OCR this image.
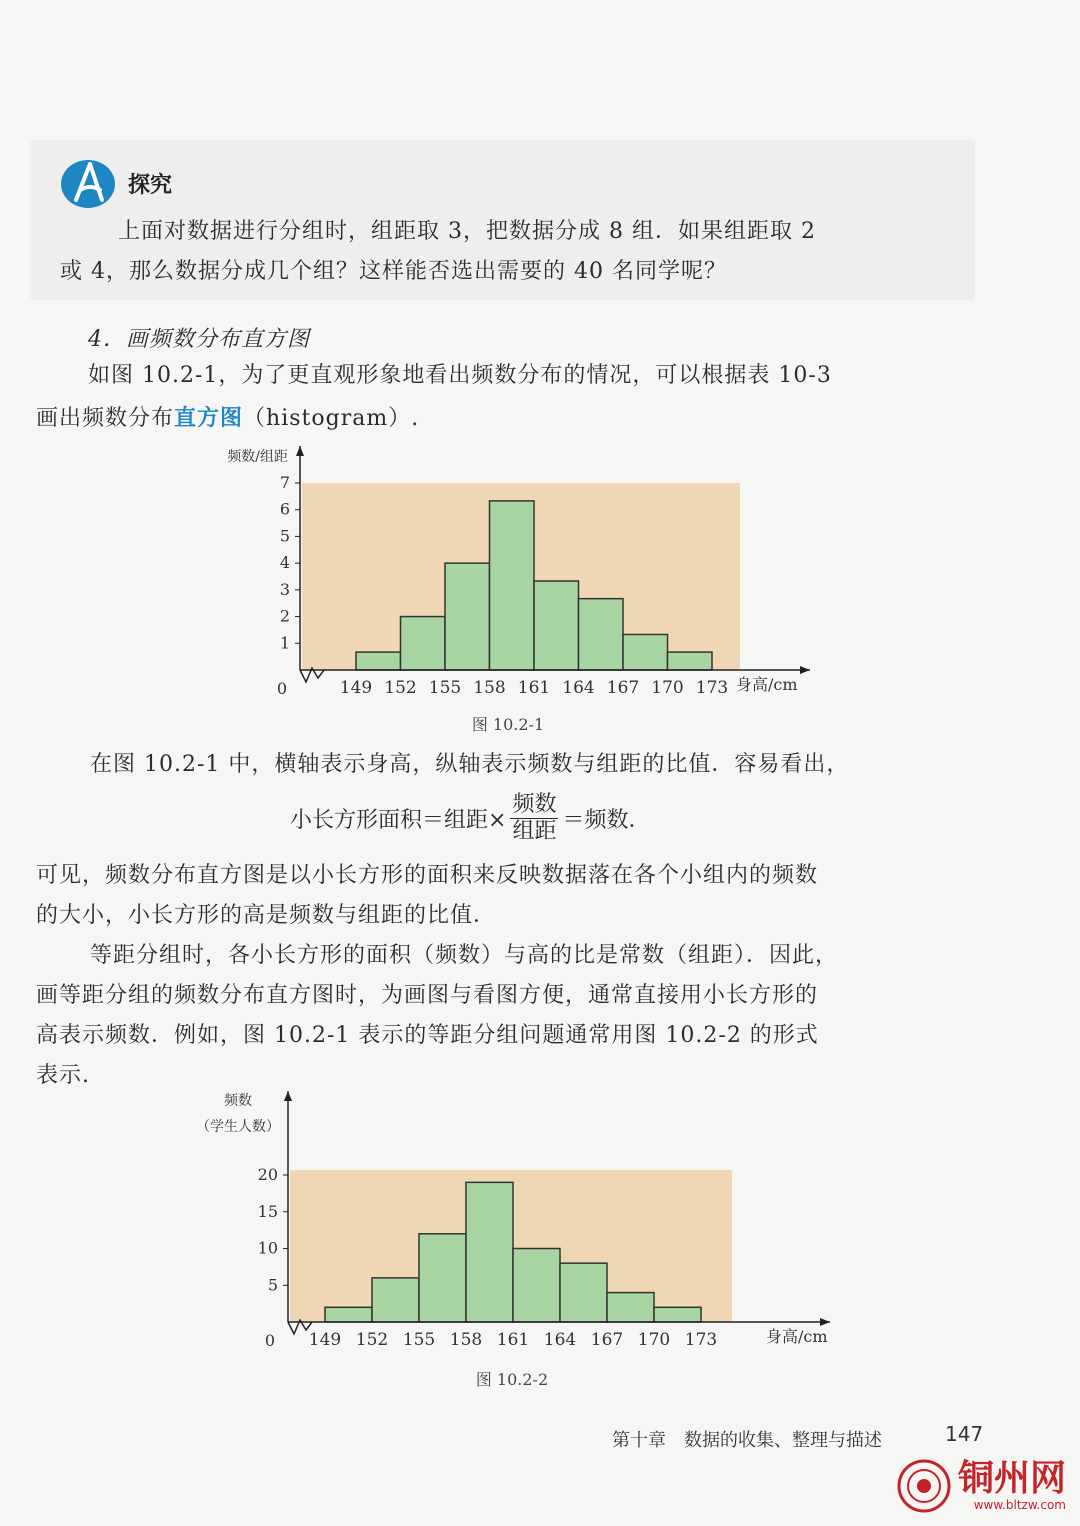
探究
上面对数据进行分组时，组距取 3，把数据分成 8 组．如果组距取 2
或 4，那么数据分成几个组？这样能否选出需要的 40 名同学呢？
4．画频数分布直方图
如图 10.2-1，为了更直观形象地看出频数分布的情况，可以根据表 10-3
画出频数分布直方图（histogram）.
1
2
3
4
5
6
7
0	149 152 155 158 161 164 167 170 173 身高/cm
图 10.2-1
频数/组距
在图 10.2-1 中，横轴表示身高，纵轴表示频数与组距的比值．容易看出，
小长方形面积＝组距× $\frac{\text{频数}}{\text{组距}}$ ＝频数．
可见，频数分布直方图是以小长方形的面积来反映数据落在各个小组内的频数
的大小，小长方形的高是频数与组距的比值．
等距分组时，各小长方形的面积（频数）与高的比是常数（组距）．因此，
画等距分组的频数分布直方图时，为画图与看图方便，通常直接用小长方形的
高表示频数．例如，图 10.2-1 表示的等距分组问题通常用图 10.2-2 的形式
表示.
5
10
15
20
0 149 152 155 158 161 164 167 170 173	身高/cm
图 10.2-2
频数
（学生人数）
第十章　数据的收集、整理与描述	147
铜州网
www.bltzw.com
